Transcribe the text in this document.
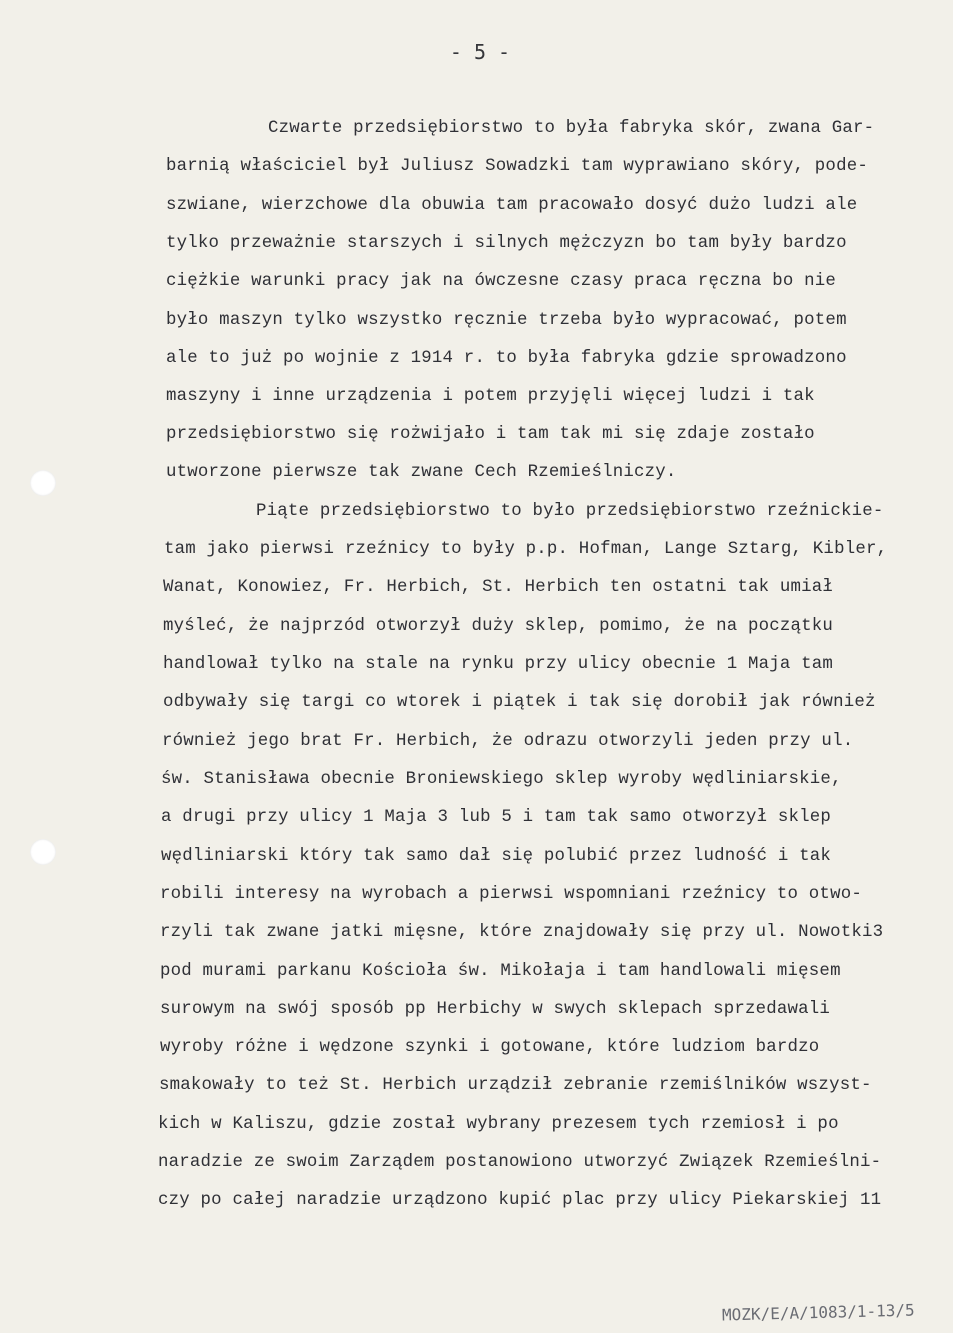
- 5 -
Czwarte przedsiębiorstwo to była fabryka skór, zwana Gar-
barnią właściciel był Juliusz Sowadzki tam wyprawiano skóry, pode-
szwiane, wierzchowe dla obuwia tam pracowało dosyć dużo ludzi ale
tylko przeważnie starszych i silnych mężczyzn bo tam były bardzo
ciężkie warunki pracy jak na ówczesne czasy praca ręczna bo nie
było maszyn tylko wszystko ręcznie trzeba było wypracować, potem
ale to już po wojnie z 1914 r. to była fabryka gdzie sprowadzono
maszyny i inne urządzenia i potem przyjęli więcej ludzi i tak
przedsiębiorstwo się rożwijało i tam tak mi się zdaje zostało
utworzone pierwsze tak zwane Cech Rzemieślniczy.
Piąte przedsiębiorstwo to było przedsiębiorstwo rzeźnickie-
tam jako pierwsi rzeźnicy to były p.p. Hofman, Lange Sztarg, Kibler,
Wanat, Konowiez, Fr. Herbich, St. Herbich ten ostatni tak umiał
myśleć, że najprzód otworzył duży sklep, pomimo, że na początku
handlował tylko na stale na rynku przy ulicy obecnie 1 Maja tam
odbywały się targi co wtorek i piątek i tak się dorobił jak również
również jego brat Fr. Herbich, że odrazu otworzyli jeden przy ul.
św. Stanisława obecnie Broniewskiego sklep wyroby wędliniarskie,
a drugi przy ulicy 1 Maja 3 lub 5 i tam tak samo otworzył sklep
wędliniarski który tak samo dał się polubić przez ludność i tak
robili interesy na wyrobach a pierwsi wspomniani rzeźnicy to otwo-
rzyli tak zwane jatki mięsne, które znajdowały się przy ul. Nowotki3
pod murami parkanu Kościoła św. Mikołaja i tam handlowali mięsem
surowym na swój sposób pp Herbichy w swych sklepach sprzedawali
wyroby różne i wędzone szynki i gotowane, które ludziom bardzo
smakowały to też St. Herbich urządził zebranie rzemiślników wszyst-
kich w Kaliszu, gdzie został wybrany prezesem tych rzemiosł i po
naradzie ze swoim Zarządem postanowiono utworzyć Związek Rzemieślni-
czy po całej naradzie urządzono kupić plac przy ulicy Piekarskiej 11
MOZK/E/A/1083/1-13/5
